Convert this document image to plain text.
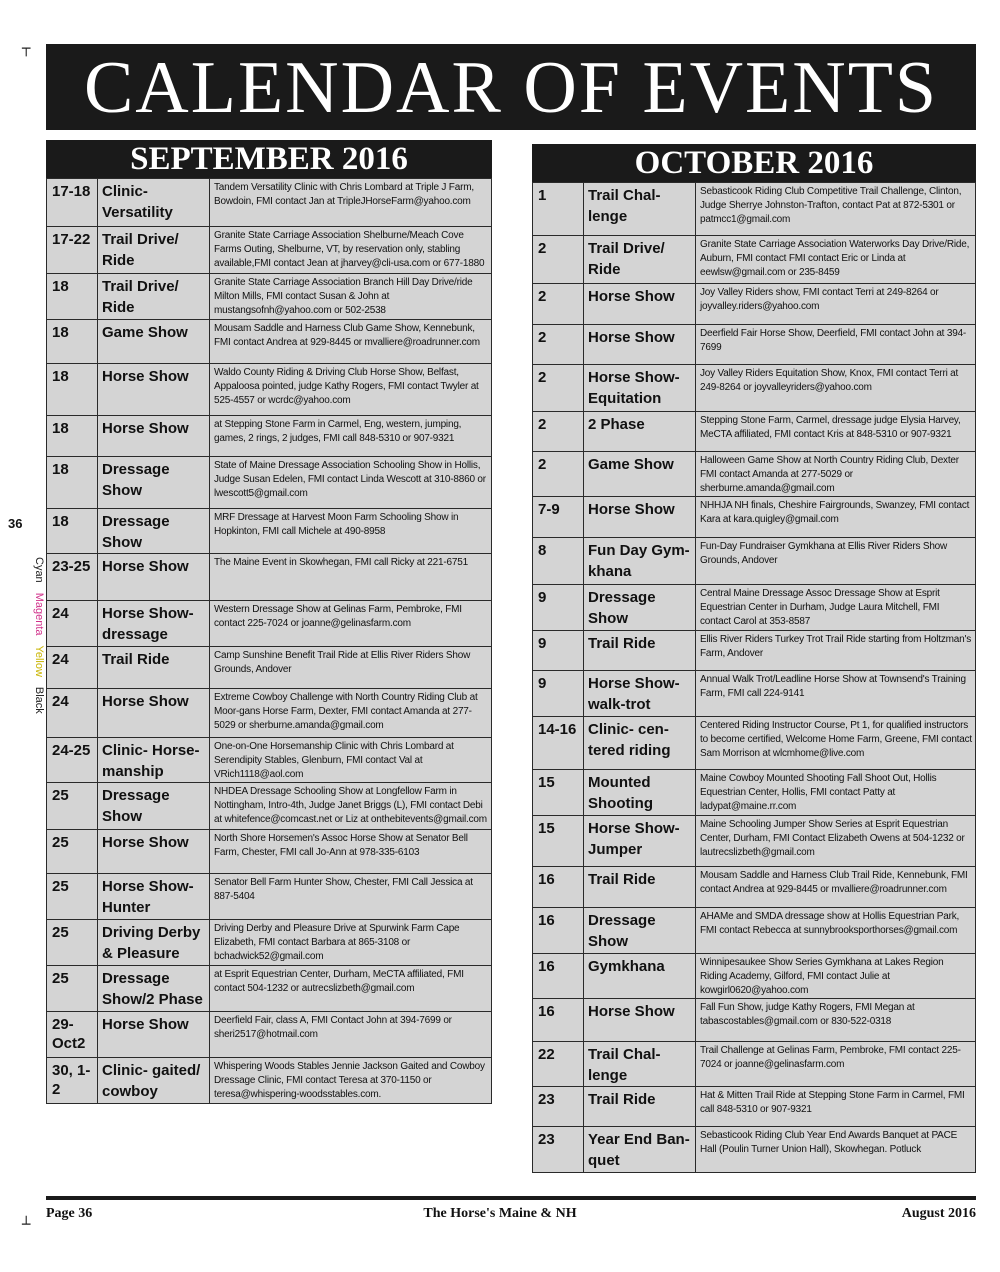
┬
┴
CALENDAR OF EVENTS
SEPTEMBER 2016
17-18	Clinic- Versatility	Tandem Versatility Clinic with Chris Lombard at Triple J Farm, Bowdoin, FMI contact Jan at TripleJHorseFarm@yahoo.com
17-22	Trail Drive/ Ride	Granite State Carriage Association Shelburne/Meach Cove Farms Outing, Shelburne, VT, by reservation only, stabling available,FMI contact Jean at jharvey@cli-usa.com or 677-1880
18	Trail Drive/ Ride	Granite State Carriage Association Branch Hill Day Drive/ride Milton Mills, FMI contact Susan & John at mustangsofnh@yahoo.com or 502-2538
18	Game Show	Mousam Saddle and Harness Club Game Show, Kennebunk, FMI contact Andrea at 929-8445 or mvalliere@roadrunner.com
18	Horse Show	Waldo County Riding & Driving Club Horse Show, Belfast, Appaloosa pointed, judge Kathy Rogers, FMI contact Twyler at 525-4557 or wcrdc@yahoo.com
18	Horse Show	at Stepping Stone Farm in Carmel, Eng, western, jumping, games, 2 rings, 2 judges, FMI call 848-5310 or 907-9321
18	Dressage Show	State of Maine Dressage Association Schooling Show in Hollis, Judge Susan Edelen, FMI contact Linda Wescott at 310-8860 or lwescott5@gmail.com
18	Dressage Show	MRF Dressage at Harvest Moon Farm Schooling Show in Hopkinton, FMI call Michele at 490-8958
23-25	Horse Show	The Maine Event in Skowhegan, FMI call Ricky at 221-6751
24	Horse Show-dressage	Western Dressage Show at Gelinas Farm, Pembroke, FMI contact 225-7024 or joanne@gelinasfarm.com
24	Trail Ride	Camp Sunshine Benefit Trail Ride at Ellis River Riders Show Grounds, Andover
24	Horse Show	Extreme Cowboy Challenge with North Country Riding Club at Moor-gans Horse Farm, Dexter, FMI contact Amanda at 277-5029 or sherburne.amanda@gmail.com
24-25	Clinic- Horse-manship	One-on-One Horsemanship Clinic with Chris Lombard at Serendipity Stables, Glenburn, FMI contact Val at VRich1118@aol.com
25	Dressage Show	NHDEA Dressage Schooling Show at Longfellow Farm in Nottingham, Intro-4th, Judge Janet Briggs (L), FMI contact Debi at whitefence@comcast.net or Liz at onthebitevents@gmail.com
25	Horse Show	North Shore Horsemen's Assoc Horse Show at Senator Bell Farm, Chester, FMI call Jo-Ann at 978-335-6103
25	Horse Show-Hunter	Senator Bell Farm Hunter Show, Chester, FMI Call Jessica at 887-5404
25	Driving Derby & Pleasure	Driving Derby and Pleasure Drive at Spurwink Farm Cape Elizabeth, FMI contact Barbara at 865-3108 or bchadwick52@gmail.com
25	Dressage Show/2 Phase	at Esprit Equestrian Center, Durham, MeCTA affiliated, FMI contact 504-1232 or autrecslizbeth@gmail.com
29-Oct2	Horse Show	Deerfield Fair, class A, FMI Contact John at 394-7699 or sheri2517@hotmail.com
30, 1-2	Clinic- gaited/ cowboy	Whispering Woods Stables Jennie Jackson Gaited and Cowboy Dressage Clinic, FMI contact Teresa at 370-1150 or teresa@whispering-woodsstables.com.
OCTOBER 2016
1	Trail Chal-lenge	Sebasticook Riding Club Competitive Trail Challenge, Clinton, Judge Sherrye Johnston-Trafton, contact Pat at 872-5301 or patmcc1@gmail.com
2	Trail Drive/ Ride	Granite State Carriage Association Waterworks Day Drive/Ride, Auburn, FMI contact FMI contact Eric or Linda at eewlsw@gmail.com or 235-8459
2	Horse Show	Joy Valley Riders show, FMI contact Terri at 249-8264 or joyvalley.riders@yahoo.com
2	Horse Show	Deerfield Fair Horse Show, Deerfield, FMI contact John at 394-7699
2	Horse Show-Equitation	Joy Valley Riders Equitation Show, Knox, FMI contact Terri at 249-8264 or joyvalleyriders@yahoo.com
2	2 Phase	Stepping Stone Farm, Carmel, dressage judge Elysia Harvey, MeCTA affiliated, FMI contact Kris at 848-5310 or 907-9321
2	Game Show	Halloween Game Show at North Country Riding Club, Dexter FMI contact Amanda at 277-5029 or sherburne.amanda@gmail.com
7-9	Horse Show	NHHJA NH finals, Cheshire Fairgrounds, Swanzey, FMI contact Kara at kara.quigley@gmail.com
8	Fun Day Gym-khana	Fun-Day Fundraiser Gymkhana at Ellis River Riders Show Grounds, Andover
9	Dressage Show	Central Maine Dressage Assoc Dressage Show at Esprit Equestrian Center in Durham, Judge Laura Mitchell, FMI contact Carol at 353-8587
9	Trail Ride	Ellis River Riders Turkey Trot Trail Ride starting from Holtzman's Farm, Andover
9	Horse Show-walk-trot	Annual Walk Trot/Leadline Horse Show at Townsend's Training Farm, FMI call 224-9141
14-16	Clinic- cen-tered riding	Centered Riding Instructor Course, Pt 1, for qualified instructors to become certified, Welcome Home Farm, Greene, FMI contact Sam Morrison at wlcmhome@live.com
15	Mounted Shooting	Maine Cowboy Mounted Shooting Fall Shoot Out, Hollis Equestrian Center, Hollis, FMI contact Patty at ladypat@maine.rr.com
15	Horse Show-Jumper	Maine Schooling Jumper Show Series at Esprit Equestrian Center, Durham, FMI Contact Elizabeth Owens at 504-1232 or lautrecslizbeth@gmail.com
16	Trail Ride	Mousam Saddle and Harness Club Trail Ride, Kennebunk, FMI contact Andrea at 929-8445 or mvalliere@roadrunner.com
16	Dressage Show	AHAMe and SMDA dressage show at Hollis Equestrian Park, FMI contact Rebecca at sunnybrooksporthorses@gmail.com
16	Gymkhana	Winnipesaukee Show Series Gymkhana at Lakes Region Riding Academy, Gilford, FMI contact Julie at kowgirl0620@yahoo.com
16	Horse Show	Fall Fun Show, judge Kathy Rogers, FMI Megan at tabascostables@gmail.com or 830-522-0318
22	Trail Chal-lenge	Trail Challenge at Gelinas Farm, Pembroke, FMI contact 225-7024 or joanne@gelinasfarm.com
23	Trail Ride	Hat & Mitten Trail Ride at Stepping Stone Farm in Carmel, FMI call 848-5310 or 907-9321
23	Year End Ban-quet	Sebasticook Riding Club Year End Awards Banquet at PACE Hall (Poulin Turner Union Hall), Skowhegan. Potluck
36
CyanMagentaYellowBlack
Page 36	The Horse's Maine & NH	August 2016
